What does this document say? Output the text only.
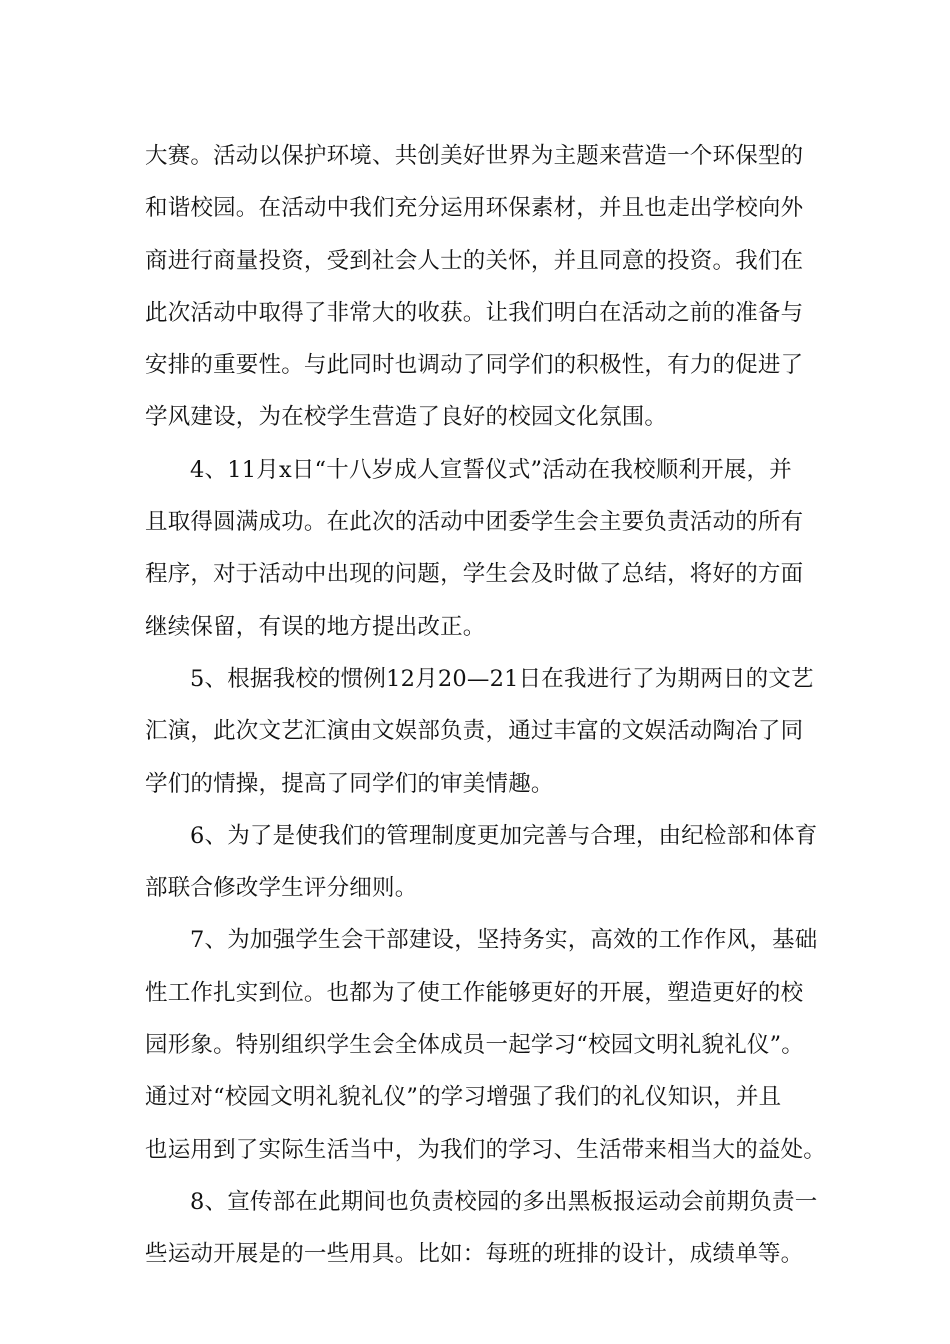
大赛。活动以保护环境、共创美好世界为主题来营造一个环保型的
和谐校园。在活动中我们充分运用环保素材，并且也走出学校向外
商进行商量投资，受到社会人士的关怀，并且同意的投资。我们在
此次活动中取得了非常大的收获。让我们明白在活动之前的准备与
安排的重要性。与此同时也调动了同学们的积极性，有力的促进了
学风建设，为在校学生营造了良好的校园文化氛围。
4、11月x日“十八岁成人宣誓仪式”活动在我校顺利开展，并
且取得圆满成功。在此次的活动中团委学生会主要负责活动的所有
程序，对于活动中出现的问题，学生会及时做了总结，将好的方面
继续保留，有误的地方提出改正。
5、根据我校的惯例12月20—21日在我进行了为期两日的文艺
汇演，此次文艺汇演由文娱部负责，通过丰富的文娱活动陶冶了同
学们的情操，提高了同学们的审美情趣。
6、为了是使我们的管理制度更加完善与合理，由纪检部和体育
部联合修改学生评分细则。
7、为加强学生会干部建设，坚持务实，高效的工作作风，基础
性工作扎实到位。也都为了使工作能够更好的开展，塑造更好的校
园形象。特别组织学生会全体成员一起学习“校园文明礼貌礼仪”。
通过对“校园文明礼貌礼仪”的学习增强了我们的礼仪知识，并且
也运用到了实际生活当中，为我们的学习、生活带来相当大的益处。
8、宣传部在此期间也负责校园的多出黑板报运动会前期负责一
些运动开展是的一些用具。比如：每班的班排的设计，成绩单等。
